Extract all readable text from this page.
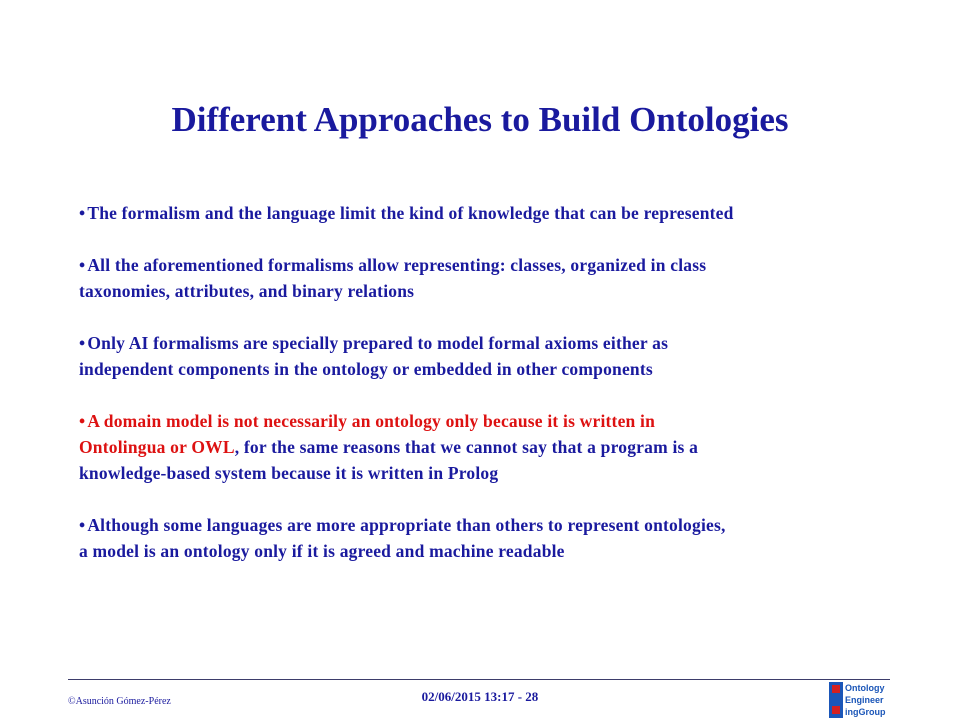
Different Approaches to Build Ontologies
• The formalism and the language limit the kind of knowledge that can be represented
• All the aforementioned formalisms allow representing: classes, organized in class
taxonomies, attributes, and binary relations
• Only AI formalisms are specially prepared to model formal axioms either as
independent components in the ontology or embedded in other components
• A domain model is not necessarily an ontology only because it is written in
Ontolingua or OWL, for the same reasons that we cannot say that a program is a
knowledge-based system because it is written in Prolog
• Although some languages are more appropriate than others to represent ontologies,
a model is an ontology only if it is agreed and machine readable
©Asunción Gómez-Pérez	02/06/2015 13:17 - 28
Ontology
Engineer
ingGroup
